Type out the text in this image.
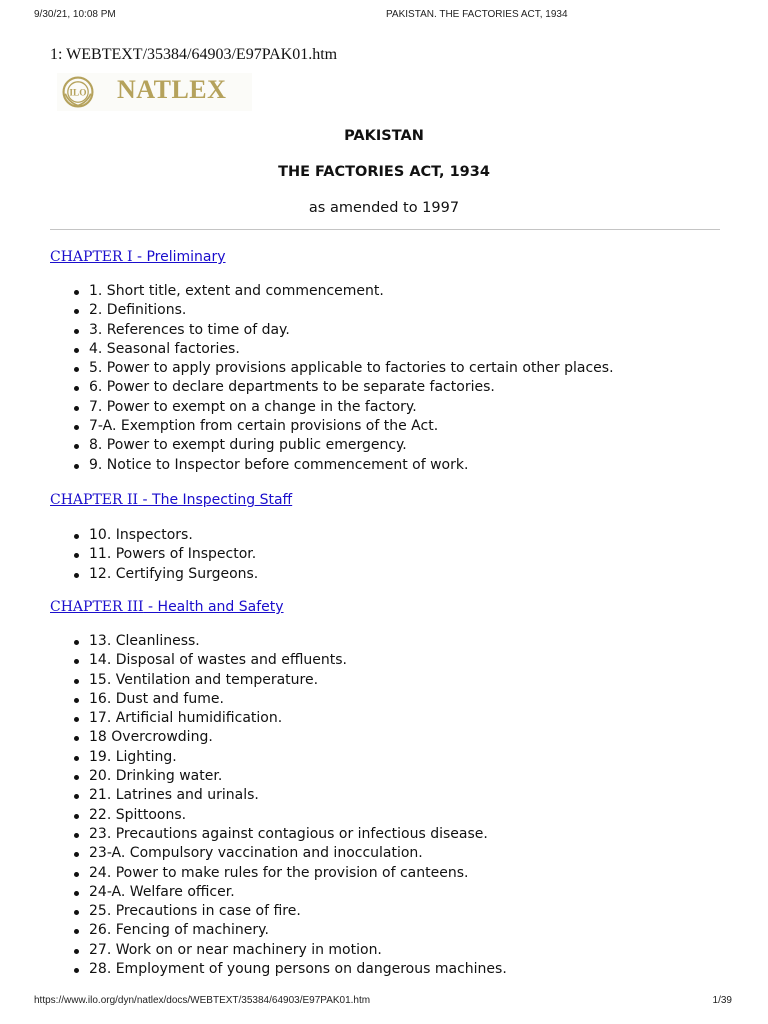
9/30/21, 10:08 PM	PAKISTAN. THE FACTORIES ACT, 1934
1: WEBTEXT/35384/64903/E97PAK01.htm
ILO NATLEX
PAKISTAN
THE FACTORIES ACT, 1934
as amended to 1997
CHAPTER I - Preliminary
1. Short title, extent and commencement.
2. Definitions.
3. References to time of day.
4. Seasonal factories.
5. Power to apply provisions applicable to factories to certain other places.
6. Power to declare departments to be separate factories.
7. Power to exempt on a change in the factory.
7-A. Exemption from certain provisions of the Act.
8. Power to exempt during public emergency.
9. Notice to Inspector before commencement of work.
CHAPTER II - The Inspecting Staff
10. Inspectors.
11. Powers of Inspector.
12. Certifying Surgeons.
CHAPTER III - Health and Safety
13. Cleanliness.
14. Disposal of wastes and effluents.
15. Ventilation and temperature.
16. Dust and fume.
17. Artificial humidification.
18 Overcrowding.
19. Lighting.
20. Drinking water.
21. Latrines and urinals.
22. Spittoons.
23. Precautions against contagious or infectious disease.
23-A. Compulsory vaccination and inocculation.
24. Power to make rules for the provision of canteens.
24-A. Welfare officer.
25. Precautions in case of fire.
26. Fencing of machinery.
27. Work on or near machinery in motion.
28. Employment of young persons on dangerous machines.
https://www.ilo.org/dyn/natlex/docs/WEBTEXT/35384/64903/E97PAK01.htm	1/39
